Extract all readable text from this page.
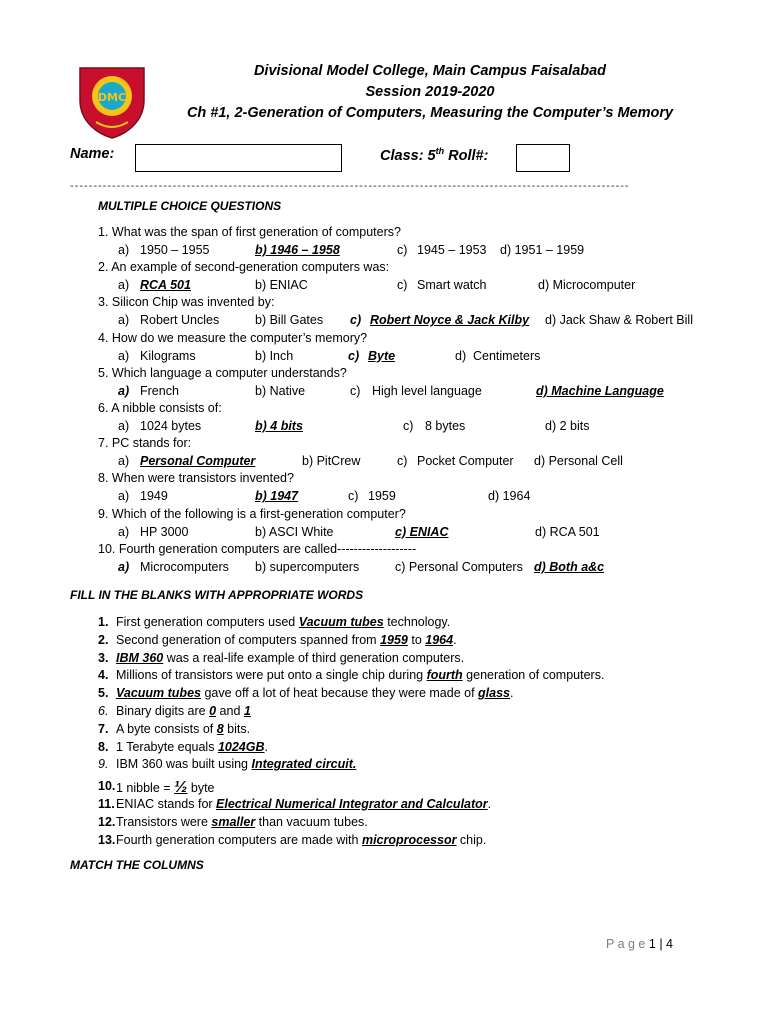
DMC
Divisional Model College, Main Campus Faisalabad
Session 2019-2020
Ch #1, 2-Generation of Computers, Measuring the Computer’s Memory
Name:	Class: 5th Roll#:
------------------------------------------------------------------------------------------------------------------------
MULTIPLE CHOICE QUESTIONS
1. What was the span of first generation of computers?
a) 1950 – 1955	b) 1946 – 1958	c) 1945 – 1953 d) 1951 – 1959
2. An example of second-generation computers was:
a) RCA 501	b) ENIAC	c) Smart watch	d) Microcomputer
3. Silicon Chip was invented by:
a) Robert Uncles	b) Bill Gates c) Robert Noyce & Jack Kilby d) Jack Shaw & Robert Bill
4. How do we measure the computer’s memory?
a) Kilograms	b) Inch	c) Byte	d) Centimeters
5. Which language a computer understands?
a) French	b) Native	c) High level language	d) Machine Language
6. A nibble consists of:
a) 1024 bytes	b) 4 bits	c) 8 bytes	d) 2 bits
7. PC stands for:
a) Personal Computer	b) PitCrew	c) Pocket Computer d) Personal Cell
8. When were transistors invented?
a) 1949	b) 1947	c) 1959	d) 1964
9. Which of the following is a first-generation computer?
a) HP 3000	b) ASCI White	c) ENIAC	d) RCA 501
10. Fourth generation computers are called-------------------
a) Microcomputers b) supercomputers	c) Personal Computers d) Both a&c
FILL IN THE BLANKS WITH APPROPRIATE WORDS
1. First generation computers used Vacuum tubes technology.
2. Second generation of computers spanned from 1959 to 1964.
3. IBM 360 was a real-life example of third generation computers.
4. Millions of transistors were put onto a single chip during fourth generation of computers.
5. Vacuum tubes gave off a lot of heat because they were made of glass.
6. Binary digits are 0 and 1
7. A byte consists of 8 bits.
8. 1 Terabyte equals 1024GB.
9. IBM 360 was built using Integrated circuit.
10. 1 nibble = ½ byte
11. ENIAC stands for Electrical Numerical Integrator and Calculator.
12. Transistors were smaller than vacuum tubes.
13. Fourth generation computers are made with microprocessor chip.
MATCH THE COLUMNS
P a g e 1 | 4
